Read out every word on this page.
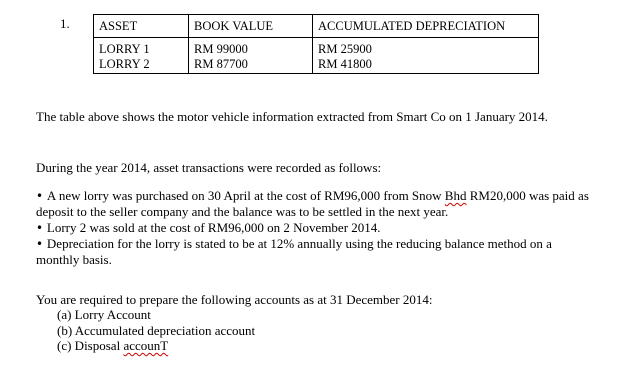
1. ASSET	BOOK VALUE	ACCUMULATED DEPRECIATION
LORRY 1	RM 99000	RM 25900
LORRY 2	RM 87700	RM 41800

The table above shows the motor vehicle information extracted from Smart Co on 1 January 2014.

During the year 2014, asset transactions were recorded as follows:

• A new lorry was purchased on 30 April at the cost of RM96,000 from Snow Bhd RM20,000 was paid as deposit to the seller company and the balance was to be settled in the next year.
• Lorry 2 was sold at the cost of RM96,000 on 2 November 2014.
• Depreciation for the lorry is stated to be at 12% annually using the reducing balance method on a monthly basis.

You are required to prepare the following accounts as at 31 December 2014:

(a) Lorry Account
(b) Accumulated depreciation account
(c) Disposal accounT
